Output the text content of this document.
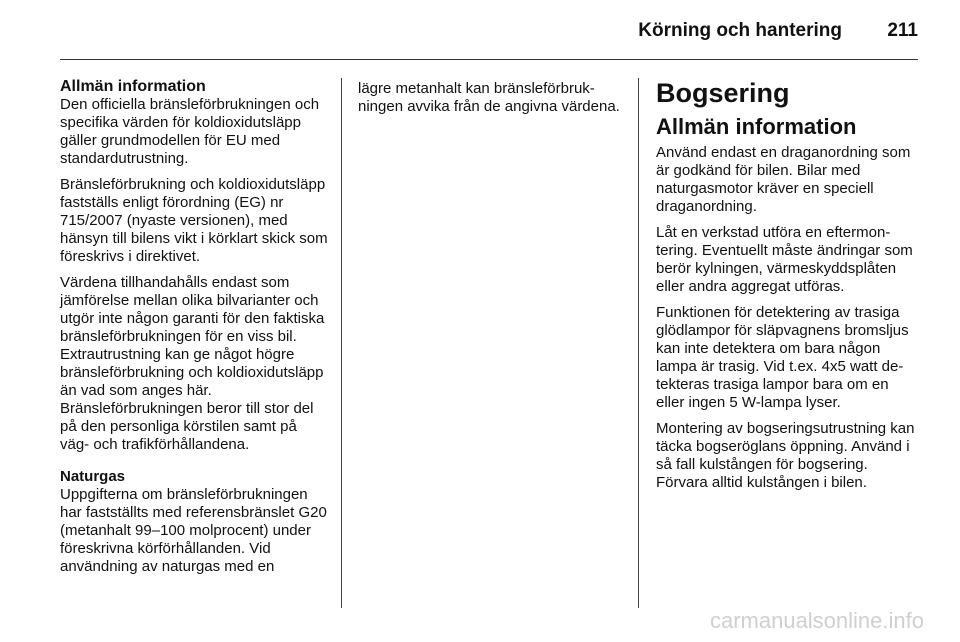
Körning och hantering 211
Allmän information

Den officiella bränsleförbrukningen och specifika värden för koldioxidutsläpp gäller grundmodellen för EU med standardutrustning.

Bränsleförbrukning och koldioxidutsläpp fastställs enligt förordning (EG) nr 715/2007 (nyaste versionen), med hänsyn till bilens vikt i körklart skick som föreskrivs i direktivet.

Värdena tillhandahålls endast som jämförelse mellan olika bilvarianter och utgör inte någon garanti för den faktiska bränsleförbrukningen för en viss bil. Extrautrustning kan ge något högre bränsleförbrukning och koldioxidutsläpp än vad som anges här. Bränsleförbrukningen beror till stor del på den personliga körstilen samt på väg- och trafikförhållandena.

Naturgas

Uppgifterna om bränsleförbrukningen har fastställts med referensbränslet G20 (metanhalt 99–100 molprocent) under föreskrivna körförhållanden. Vid användning av naturgas med en

lägre metanhalt kan bränsleförbrukningen avvika från de angivna värdena. Bogsering
Allmän information

Använd endast en draganordning som är godkänd för bilen. Bilar med naturgasmotor kräver en speciell draganordning.

Låt en verkstad utföra en eftermontering. Eventuellt måste ändringar som berör kylningen, värmeskyddsplåten eller andra aggregat utföras.

Funktionen för detektering av trasiga glödlampor för släpvagnens bromsljus kan inte detektera om bara någon lampa är trasig. Vid t.ex. 4x5 watt detekteras trasiga lampor bara om en eller ingen 5 W-lampa lyser.

Montering av bogseringsutrustning kan täcka bogseröglans öppning. Använd i så fall kulstången för bogsering. Förvara alltid kulstången i bilen.

carmanualsonline.info
